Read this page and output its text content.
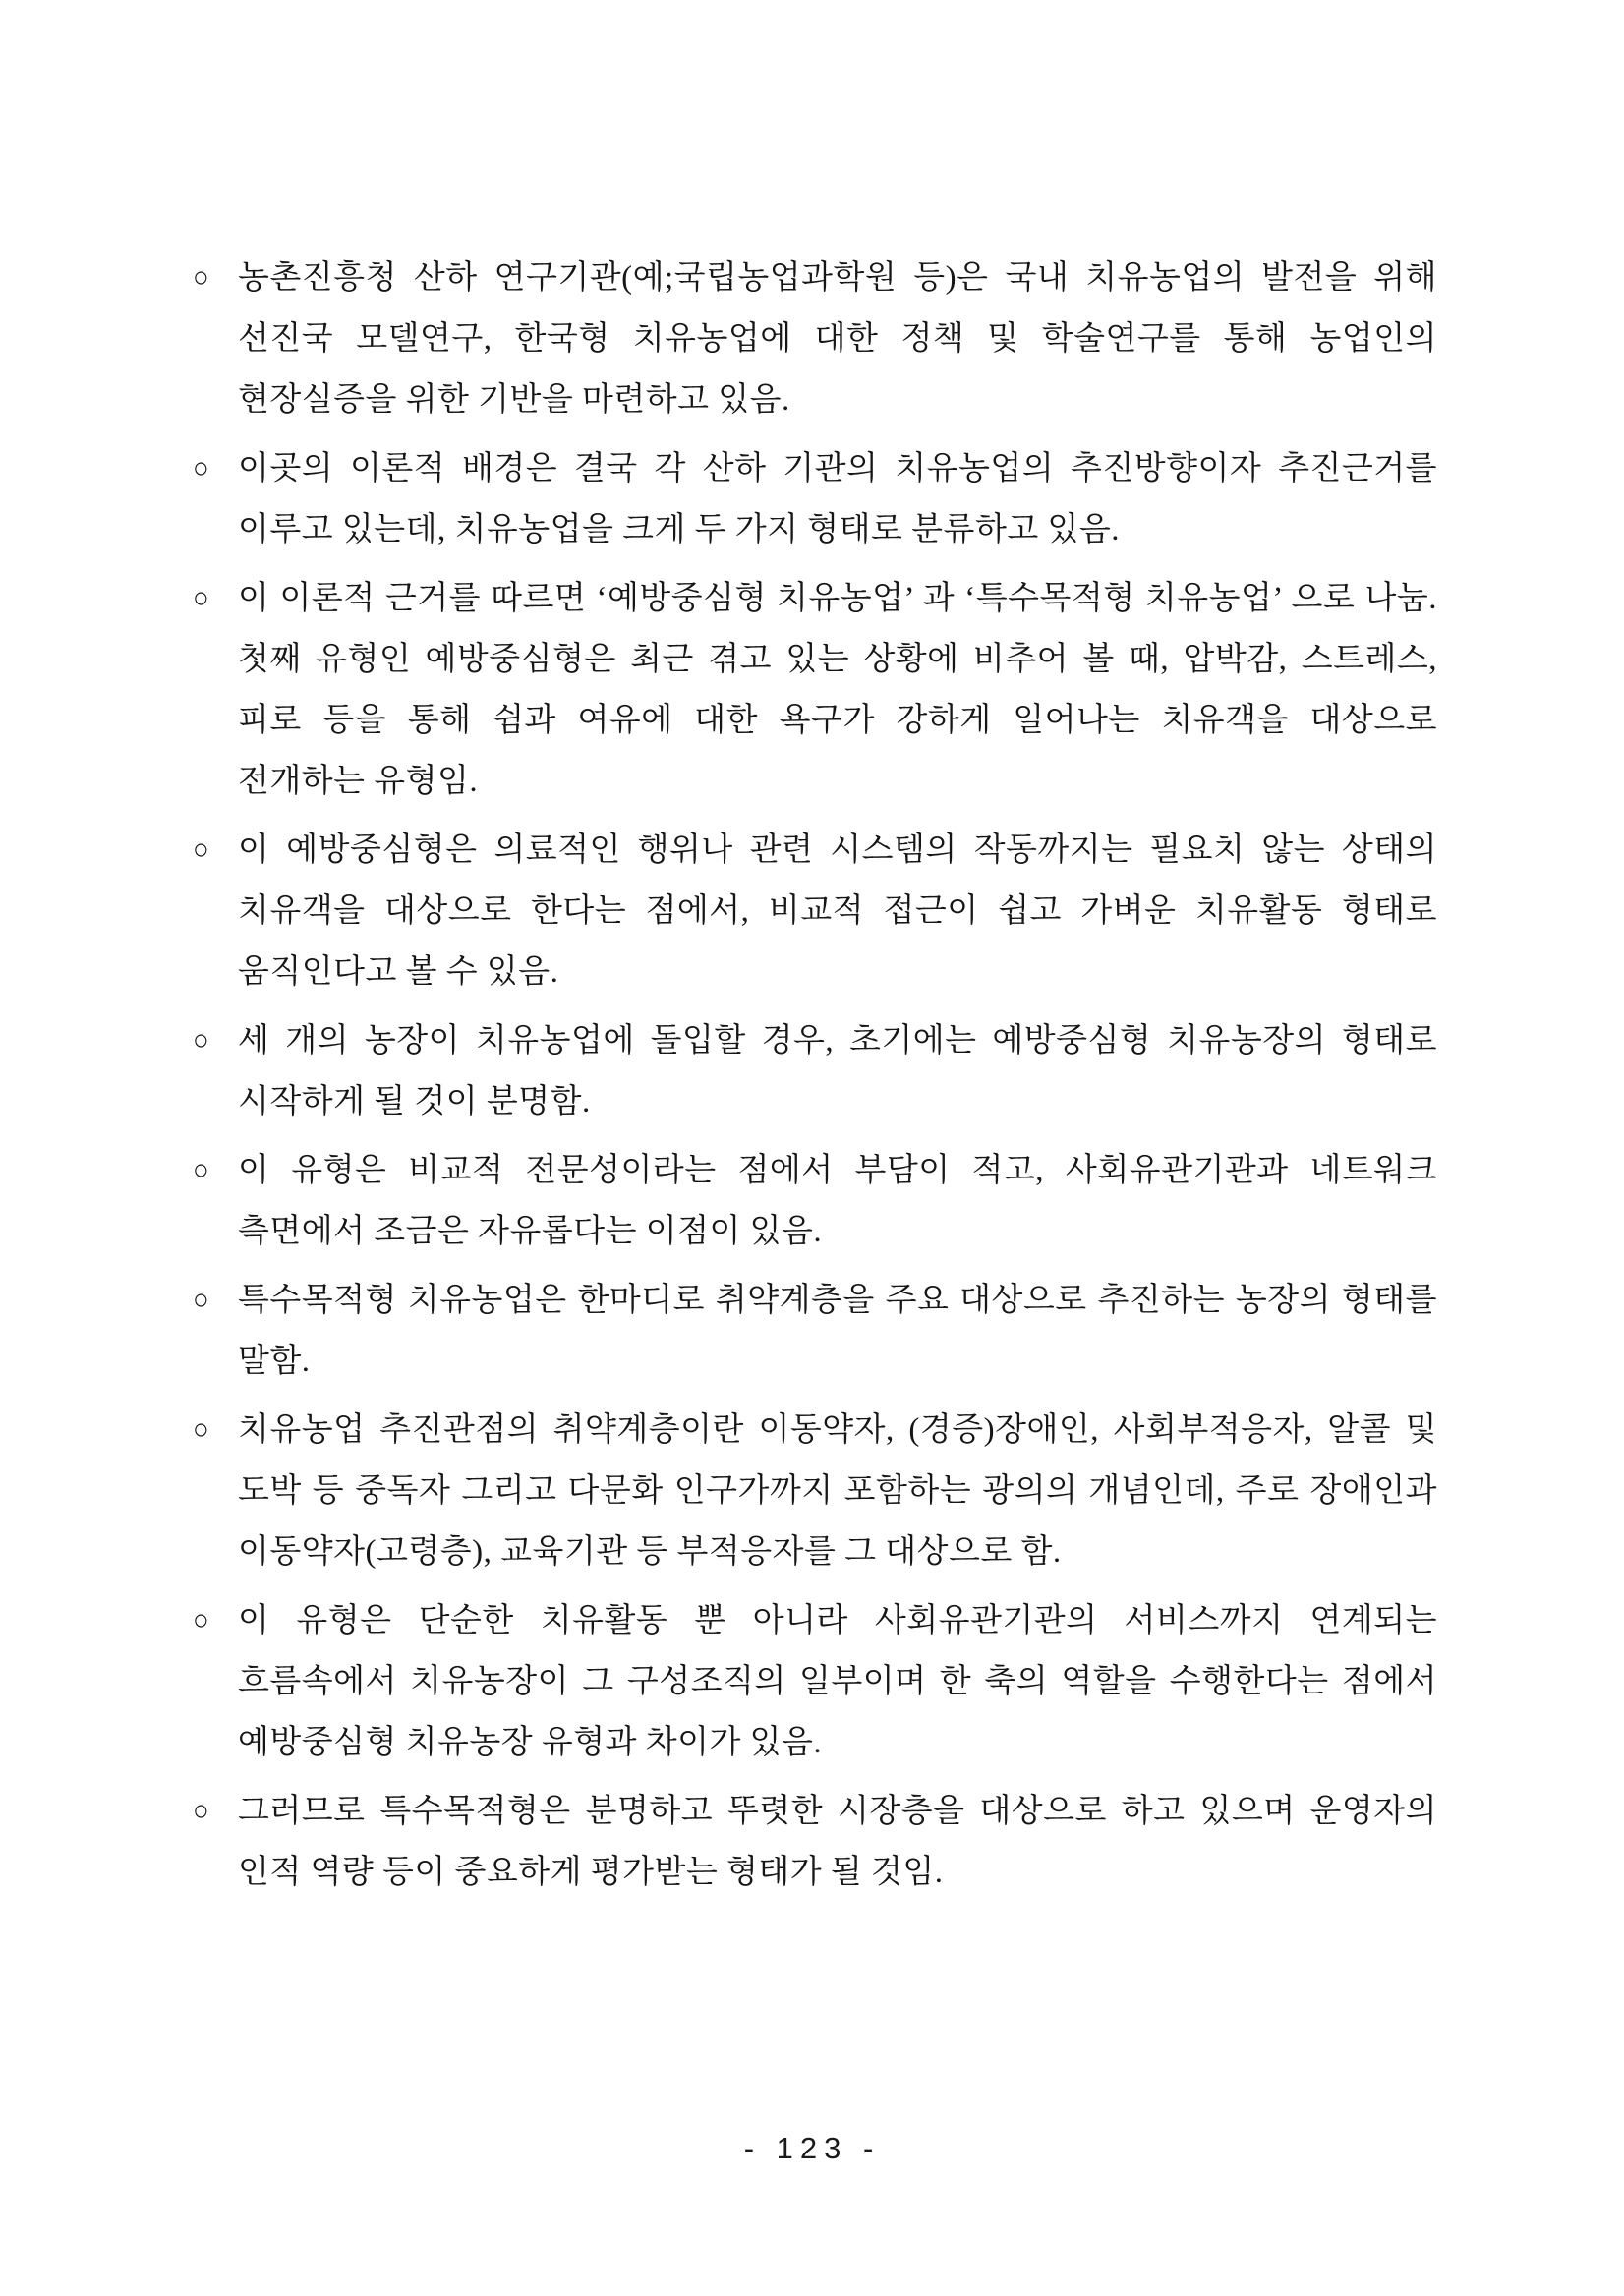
○ 농촌진흥청 산하 연구기관(예;국립농업과학원 등)은 국내 치유농업의 발전을 위해 선진국 모델연구, 한국형 치유농업에 대한 정책 및 학술연구를 통해 농업인의 현장실증을 위한 기반을 마련하고 있음.

○ 이곳의 이론적 배경은 결국 각 산하 기관의 치유농업의 추진방향이자 추진근거를 이루고 있는데, 치유농업을 크게 두 가지 형태로 분류하고 있음.

○ 이 이론적 근거를 따르면 ‘예방중심형 치유농업’ 과 ‘특수목적형 치유농업’ 으로 나눔. 첫째 유형인 예방중심형은 최근 겪고 있는 상황에 비추어 볼 때, 압박감, 스트레스, 피로 등을 통해 쉼과 여유에 대한 욕구가 강하게 일어나는 치유객을 대상으로 전개하는 유형임.

○ 이 예방중심형은 의료적인 행위나 관련 시스템의 작동까지는 필요치 않는 상태의 치유객을 대상으로 한다는 점에서, 비교적 접근이 쉽고 가벼운 치유활동 형태로 움직인다고 볼 수 있음.

○ 세 개의 농장이 치유농업에 돌입할 경우, 초기에는 예방중심형 치유농장의 형태로 시작하게 될 것이 분명함.

○ 이 유형은 비교적 전문성이라는 점에서 부담이 적고, 사회유관기관과 네트워크 측면에서 조금은 자유롭다는 이점이 있음.

○ 특수목적형 치유농업은 한마디로 취약계층을 주요 대상으로 추진하는 농장의 형태를 말함.

○ 치유농업 추진관점의 취약계층이란 이동약자, (경증)장애인, 사회부적응자, 알콜 및 도박 등 중독자 그리고 다문화 인구가까지 포함하는 광의의 개념인데, 주로 장애인과 이동약자(고령층), 교육기관 등 부적응자를 그 대상으로 함.

○ 이 유형은 단순한 치유활동 뿐 아니라 사회유관기관의 서비스까지 연계되는 흐름속에서 치유농장이 그 구성조직의 일부이며 한 축의 역할을 수행한다는 점에서 예방중심형 치유농장 유형과 차이가 있음.

○ 그러므로 특수목적형은 분명하고 뚜렷한 시장층을 대상으로 하고 있으며 운영자의 인적 역량 등이 중요하게 평가받는 형태가 될 것임.

- 123 -
